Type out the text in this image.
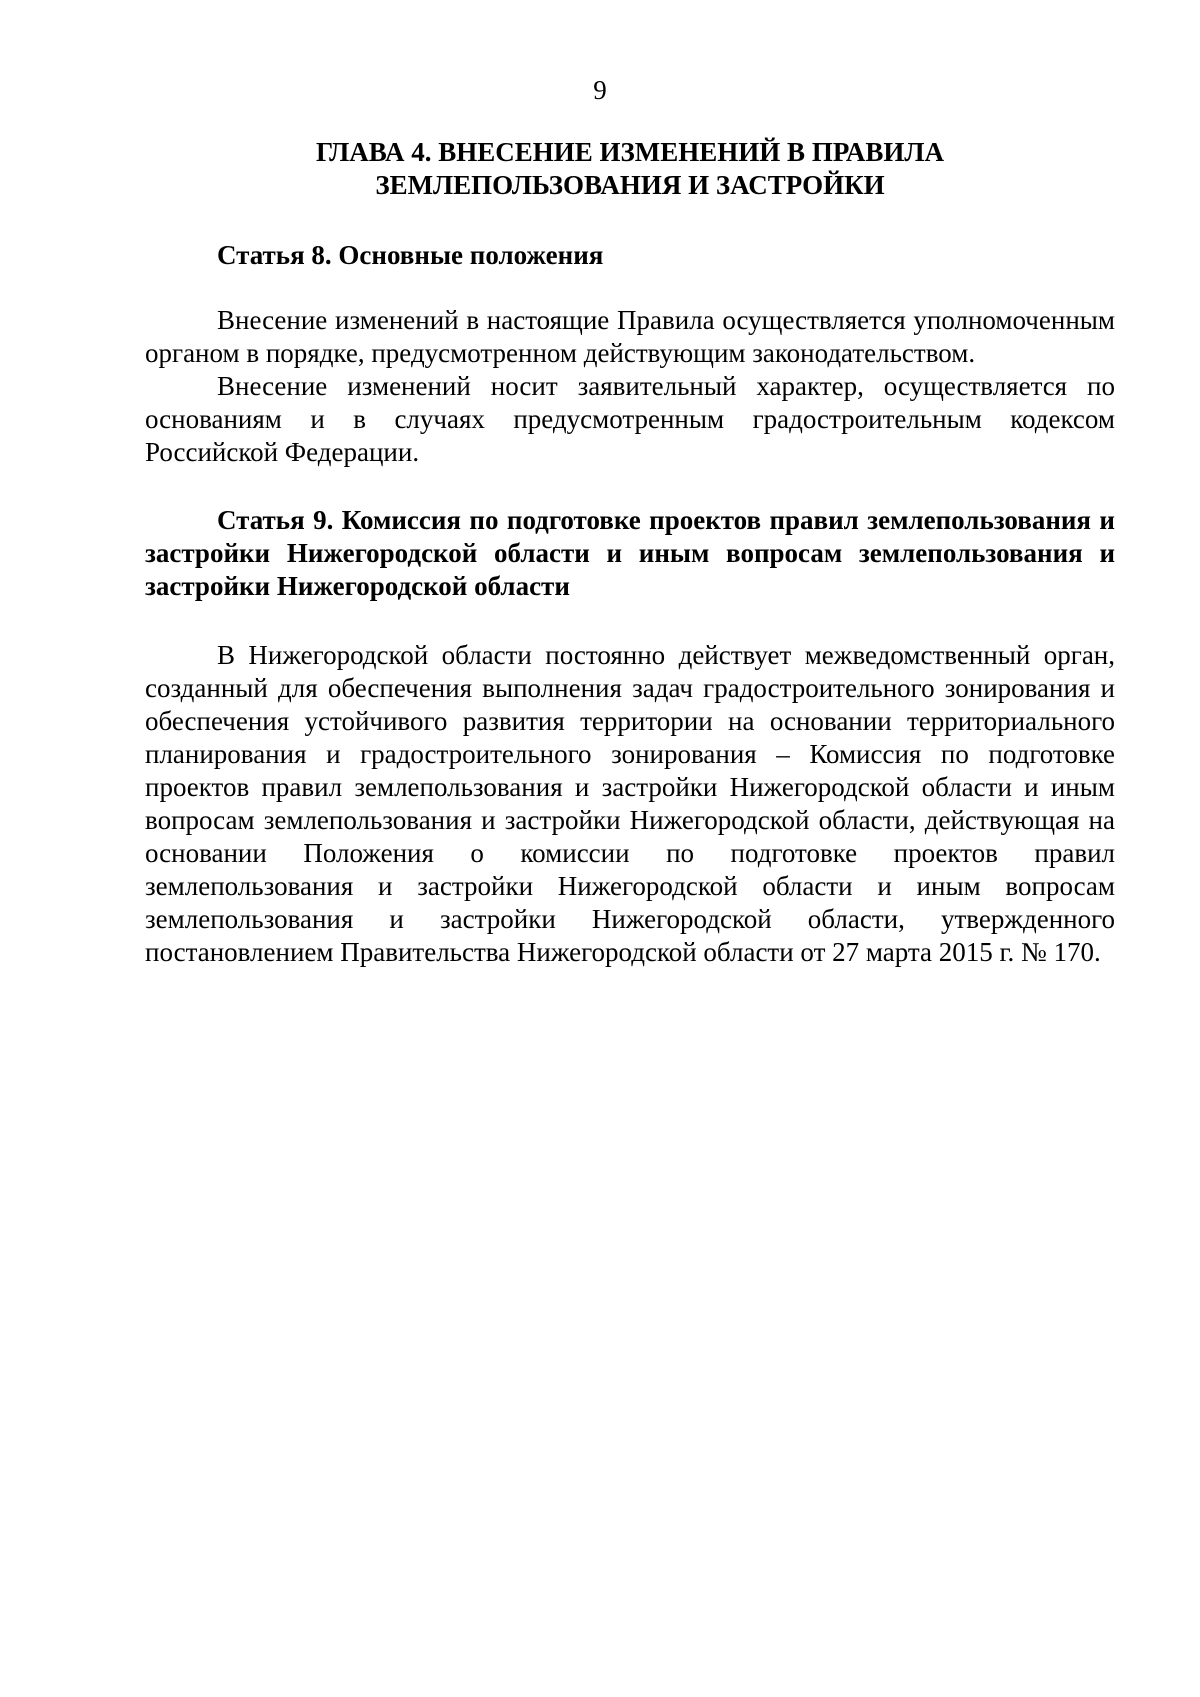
9
ГЛАВА 4. ВНЕСЕНИЕ ИЗМЕНЕНИЙ В ПРАВИЛА
ЗЕМЛЕПОЛЬЗОВАНИЯ И ЗАСТРОЙКИ
Статья 8. Основные положения

Внесение изменений в настоящие Правила осуществляется уполномоченным органом в порядке, предусмотренном действующим законодательством.

Внесение изменений носит заявительный характер, осуществляется по основаниям и в случаях предусмотренным градостроительным кодексом Российской Федерации.

Статья 9. Комиссия по подготовке проектов правил землепользования и застройки Нижегородской области и иным вопросам землепользования и застройки Нижегородской области

В Нижегородской области постоянно действует межведомственный орган, созданный для обеспечения выполнения задач градостроительного зонирования и обеспечения устойчивого развития территории на основании территориального планирования и градостроительного зонирования – Комиссия по подготовке проектов правил землепользования и застройки Нижегородской области и иным вопросам землепользования и застройки Нижегородской области, действующая на основании Положения о комиссии по подготовке проектов правил землепользования и застройки Нижегородской области и иным вопросам землепользования и застройки Нижегородской области, утвержденного постановлением Правительства Нижегородской области от 27 марта 2015 г. № 170.
